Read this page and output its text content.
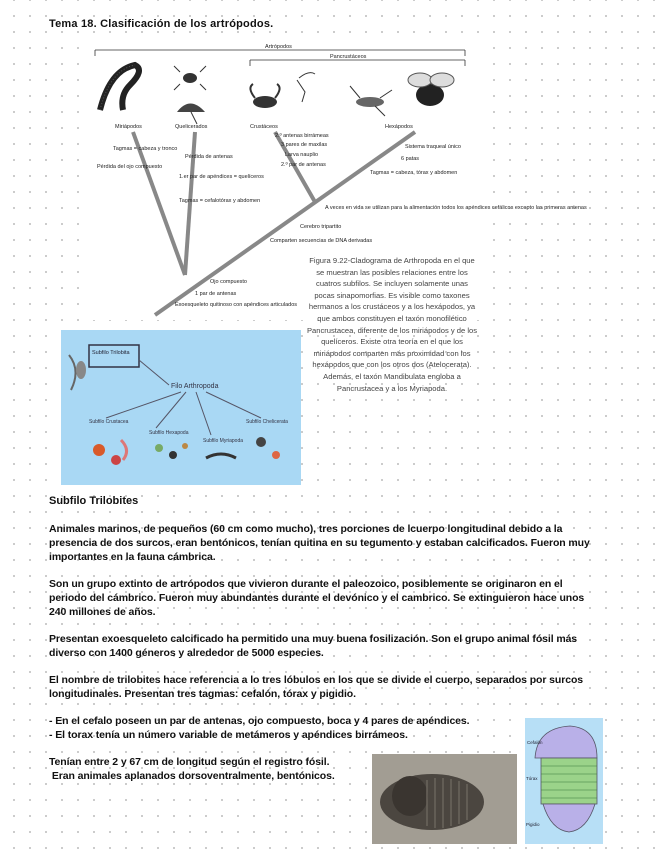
Tema 18. Clasificación de los artrópodos.
Artrópodos
Pancrustáceos
Miriápodos	Quelicerados	Crustáceos	Hexápodos
Tagmas = cabeza y tronco
Pérdida del ojo compuesto
Pérdida de antenas
1.er par de apéndices = quelíceros
Tagmas = cefalotórax y abdomen
2.º antenas birrámeas
3 pares de maxilas
Larva nauplio
2.º par de antenas
Sistema traqueal único
6 patas
Tagmas = cabeza, tórax y abdomen
A veces en vida se utilizan para la alimentación todos los apéndices cefálicos excepto las primeras antenas
Cerebro tripartito
Comparten secuencias de DNA derivadas
Ojo compuesto
1 par de antenas
Exoesqueleto quitinoso con apéndices articulados
Figura 9.22-Cladograma de Arthropoda en el que se muestran las posibles relaciones entre los cuatros subfilos. Se incluyen solamente unas pocas sinapomorfias. Es visible como taxones hermanos a los crustáceos y a los hexápodos, ya que ambos constituyen el taxón monofilético Pancrustacea, diferente de los miriápodos y de los quelíceros. Existe otra teoría en el que los miriápodos comparten más proximidad con los hexápodos que con los otros dos (Atelocerata). Además, el taxón Mandibulata engloba a Pancrustacea y a los Myriapoda.
Subfilo Trilobita
Filo Arthropoda
Subfilo Crustacea
Subfilo Hexapoda
Subfilo Myriapoda
Subfilo Chelicerata
Subfilo Trilobites
Animales marinos, de pequeños (60 cm como mucho), tres porciones de lcuerpo longitudinal debido a la presencia de dos surcos, eran bentónicos, tenían quitina en su tegumento y estaban calcificados. Fueron muy importantes en la fauna cámbrica.
Son un grupo extinto de artrópodos que vivieron durante el paleozoico, posiblemente se originaron en el periodo del cámbrico. Fueron muy abundantes durante el devónico y el cambrico. Se extinguieron hace unos 240 millones de años.
Presentan exoesqueleto calcificado ha permitido una muy buena fosilización. Son el grupo animal fósil más diverso con 1400 géneros y alrededor de 5000 especies.
El nombre de trilobites hace referencia a lo tres lóbulos en los que se divide el cuerpo, separados por surcos longitudinales. Presentan tres tagmas: cefalón, tórax y pigidio.
- En el cefalo poseen un par de antenas, ojo compuesto, boca y 4 pares de apéndices.
- El torax tenía un número variable de metámeros y apéndices birrámeos.
Tenían entre 2 y 67 cm de longitud según el registro fósil.
Eran animales aplanados dorsoventralmente, bentónicos.
Cefalón
Tórax
Pigidio
